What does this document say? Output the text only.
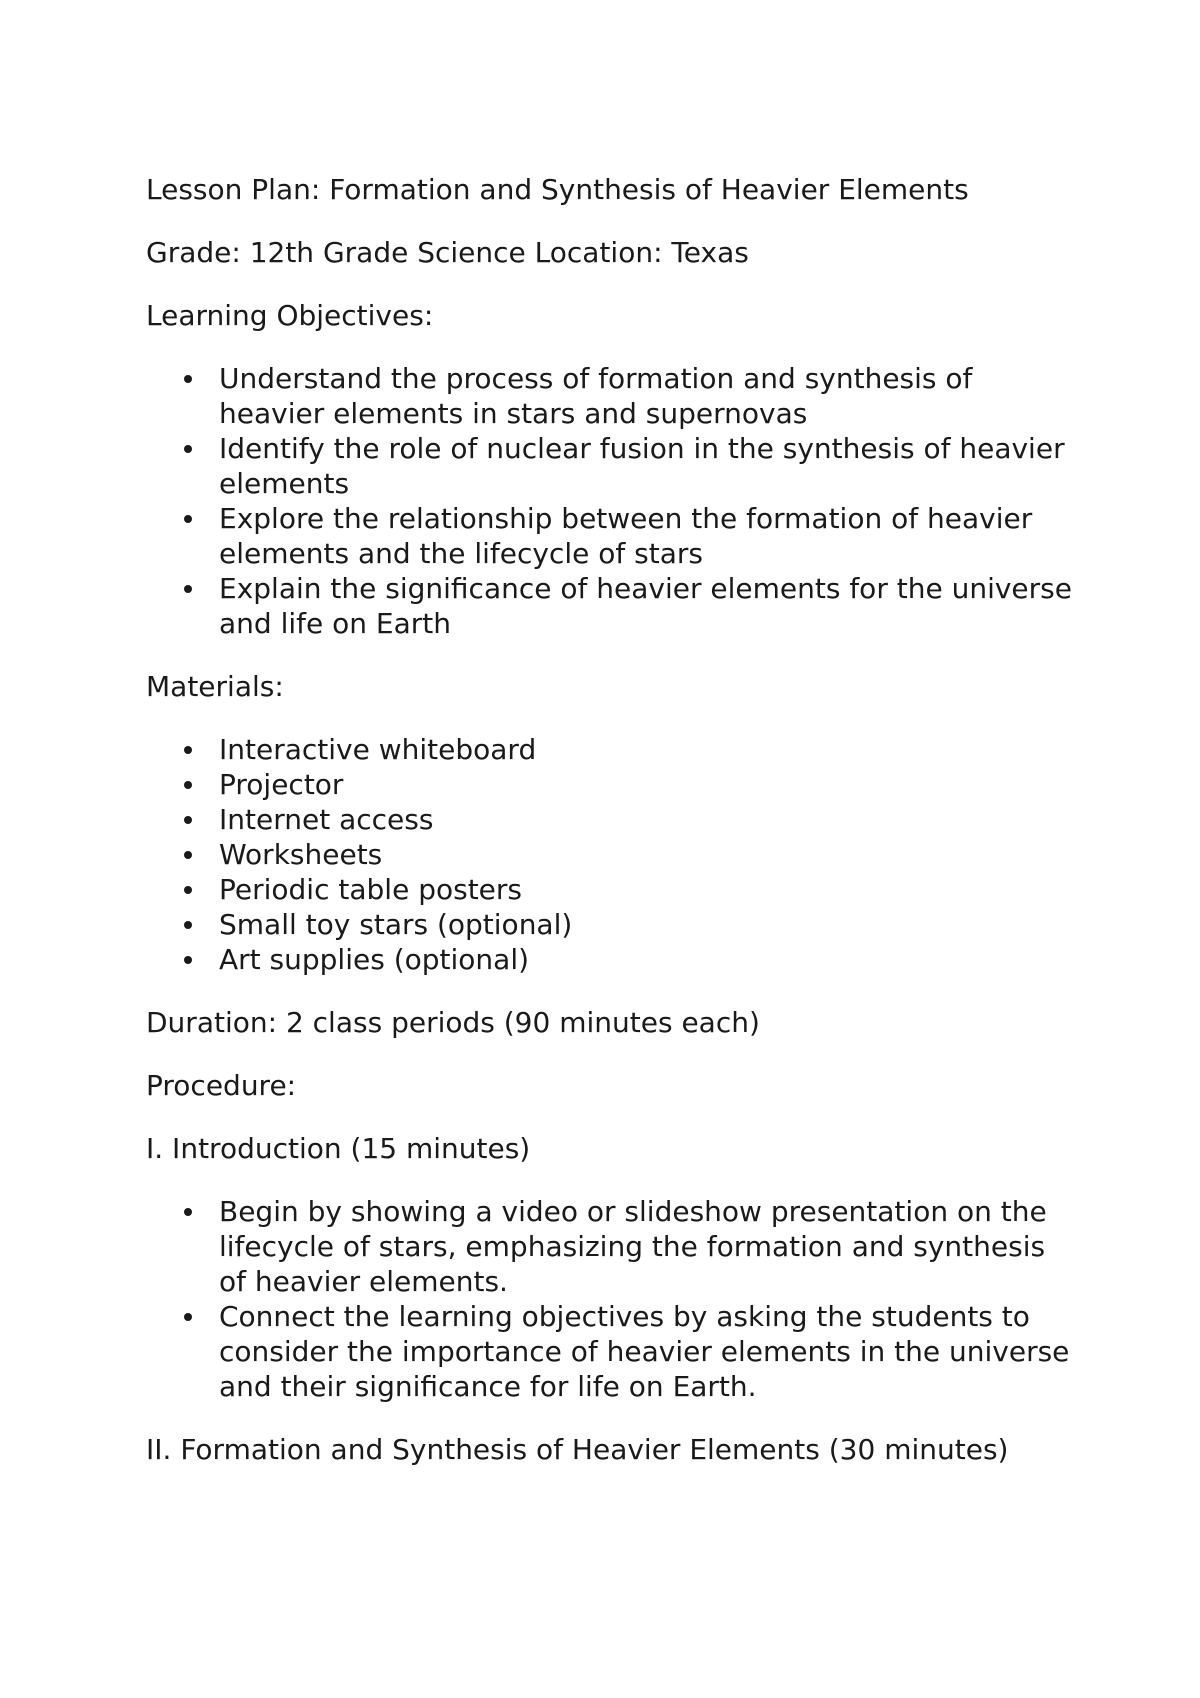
Lesson Plan: Formation and Synthesis of Heavier Elements

Grade: 12th Grade Science Location: Texas

Learning Objectives:

Understand the process of formation and synthesis of heavier elements in stars and supernovas
Identify the role of nuclear fusion in the synthesis of heavier elements
Explore the relationship between the formation of heavier elements and the lifecycle of stars
Explain the significance of heavier elements for the universe and life on Earth

Materials:

Interactive whiteboard
Projector
Internet access
Worksheets
Periodic table posters
Small toy stars (optional)
Art supplies (optional)

Duration: 2 class periods (90 minutes each)

Procedure:

I. Introduction (15 minutes)

Begin by showing a video or slideshow presentation on the lifecycle of stars, emphasizing the formation and synthesis of heavier elements.
Connect the learning objectives by asking the students to consider the importance of heavier elements in the universe and their significance for life on Earth.

II. Formation and Synthesis of Heavier Elements (30 minutes)
